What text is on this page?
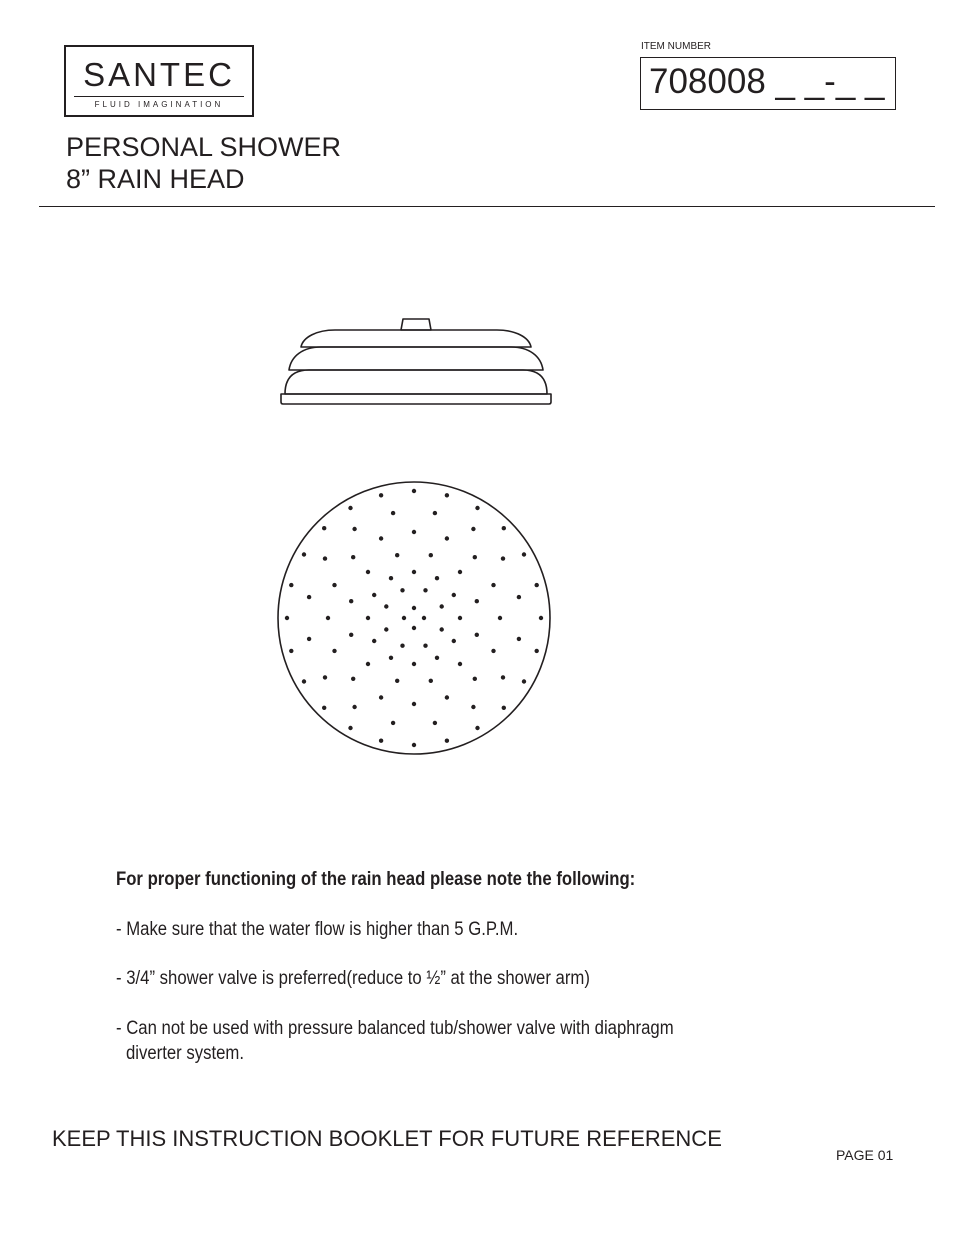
SANTEC
FLUID IMAGINATION
ITEM NUMBER
708008 _ _-_ _
PERSONAL SHOWER
8” RAIN HEAD
For proper functioning of the rain head please note the following:
- Make sure that the water flow is higher than 5 G.P.M.
- 3/4” shower valve is preferred(reduce to ½” at the shower arm)
- Can not be used with pressure balanced tub/shower valve with diaphragm
diverter system.
KEEP THIS INSTRUCTION BOOKLET FOR FUTURE REFERENCE
PAGE 01
